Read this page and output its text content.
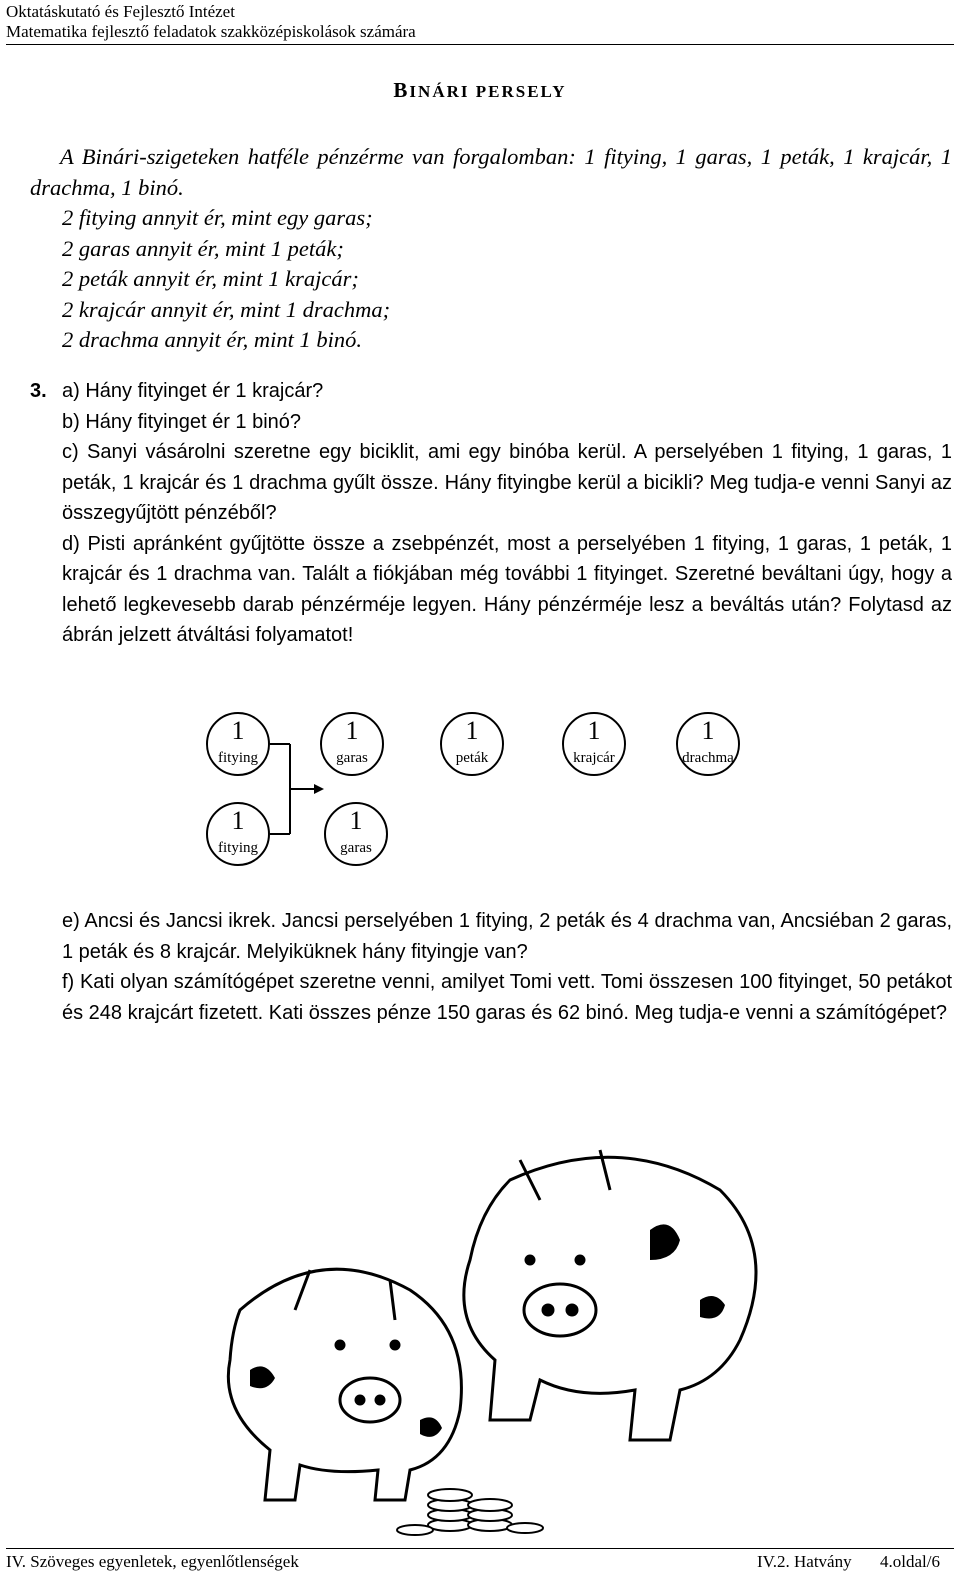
Oktatáskutató és Fejlesztő Intézet
Matematika fejlesztő feladatok szakközépiskolások számára
BINÁRI PERSELY
A Binári-szigeteken hatféle pénzérme van forgalomban: 1 fitying, 1 garas, 1 peták, 1 krajcár, 1 drachma, 1 binó.
2 fitying annyit ér, mint egy garas;
2 garas annyit ér, mint 1 peták;
2 peták annyit ér, mint 1 krajcár;
2 krajcár annyit ér, mint 1 drachma;
2 drachma annyit ér, mint 1 binó.
3. a) Hány fityinget ér 1 krajcár?

b) Hány fityinget ér 1 binó?

c) Sanyi vásárolni szeretne egy biciklit, ami egy binóba kerül. A perselyében 1 fitying, 1 garas, 1 peták, 1 krajcár és 1 drachma gyűlt össze. Hány fityingbe kerül a bicikli? Meg tudja-e venni Sanyi az összegyűjtött pénzéből?

d) Pisti apránként gyűjtötte össze a zsebpénzét, most a perselyében 1 fitying, 1 garas, 1 peták, 1 krajcár és 1 drachma van. Talált a fiókjában még további 1 fityinget. Szeretné beváltani úgy, hogy a lehető legkevesebb darab pénzérméje legyen. Hány pénzérméje lesz a beváltás után? Folytasd az ábrán jelzett átváltási folyamatot!

1
fitying
1
garas
1
peták
1
krajcár
1
drachma
1
fitying
1
garas

e) Ancsi és Jancsi ikrek. Jancsi perselyében 1 fitying, 2 peták és 4 drachma van, Ancsiéban 2 garas, 1 peták és 8 krajcár. Melyiküknek hány fityingje van?

f) Kati olyan számítógépet szeretne venni, amilyet Tomi vett. Tomi összesen 100 fityinget, 50 petákot és 248 krajcárt fizetett. Kati összes pénze 150 garas és 62 binó. Meg tudja-e venni a számítógépet?

IV. Szöveges egyenletek, egyenlőtlenségek	IV.2. Hatvány 4.oldal/6
